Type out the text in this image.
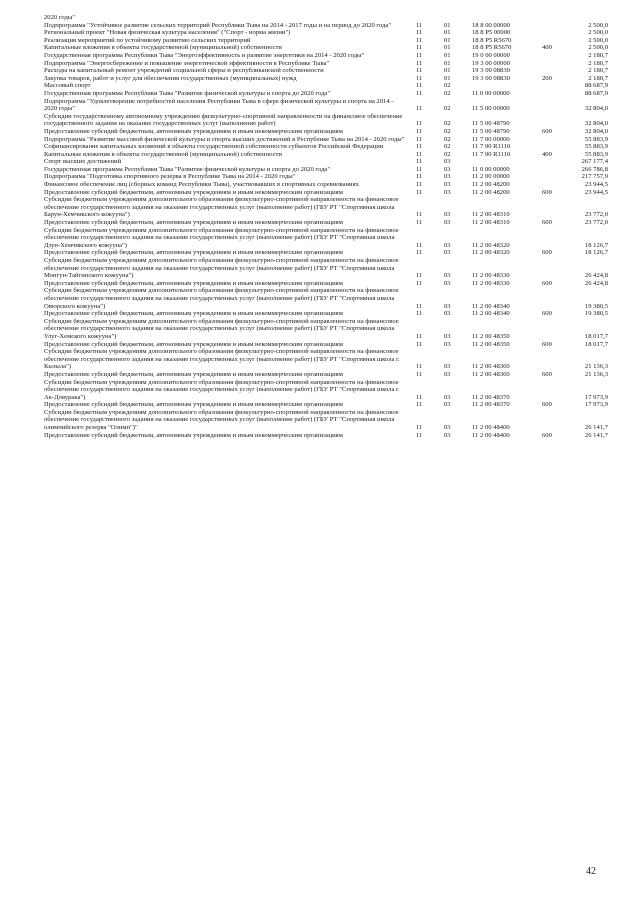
2020 годы"
Подпрограмма "Устойчивое развитие сельских территорий Республики Тыва на 2014 - 2017 годы и на период до 2020 года"	11	01	18 8 00 00000	2 500,0
Региональный проект "Новая физическая культура населения" ("Спорт - норма жизни")	11	01	18 8 P5 00000	2 500,0
Реализация мероприятий по устойчивому развитию сельских территорий	11	01	18 8 P5 R5670	2 500,0
Капитальные вложения в объекты государственной (муниципальной) собственности	11	01	18 8 P5 R5670	400	2 500,0
Государственная программа Республики Тыва "Энергоэффективность и развитие энергетики на 2014 - 2020 годы"	11	01	19 0 00 00000	2 180,7
Подпрограмма "Энергосбережение и повышение энергетической эффективности в Республике Тыва"	11	01	19 3 00 00000	2 180,7
Расходы на капитальный ремонт учреждений социальной сферы и республиканской собственности	11	01	19 3 00 08830	2 180,7
Закупка товаров, работ и услуг для обеспечения государственных (муниципальных) нужд	11	01	19 3 00 08830	200	2 180,7
Массовый спорт	11	02	88 687,9
Государственная программа Республики Тыва "Развитие физической культуры и спорта до 2020 года"	11	02	11 0 00 00000	88 687,9
Подпрограмма "Удовлетворение потребностей населения Республики Тыва в сфере физической культуры и спорта на 2014 - 2020 годы"	11	02	11 5 00 00000	32 804,0
Субсидии государственному автономному учреждению физкультурно-спортивной направленности на финансовое обеспечение государственного задания на оказание государственных услуг (выполнение работ)	11	02	11 5 00 48790	32 804,0
Предоставление субсидий бюджетным, автономным учреждениям и иным некоммерческим организациям	11	02	11 5 00 48790	600	32 804,0
Подпрограмма "Развитие массовой физической культуры и спорта высших достижений в Республике Тыва на 2014 - 2020 годы"	11	02	11 7 00 00000	55 883,9
Софинансирование капитальных вложений в объекты государственной собственности субъектов Российской Федерации	11	02	11 7 00 R1110	55 883,9
Капитальные вложения в объекты государственной (муниципальной) собственности	11	02	11 7 00 R1110	400	55 883,9
Спорт высших достижений	11	03	267 177,4
Государственная программа Республики Тыва "Развитие физической культуры и спорта до 2020 года"	11	03	11 0 00 00000	266 786,8
Подпрограмма "Подготовка спортивного резерва в Республике Тыва на 2014 - 2020 годы"	11	03	11 2 00 00000	217 757,9
Финансовое обеспечение лиц (сборных команд Республики Тыва), участвовавших в спортивных соревнованиях	11	03	11 2 00 48200	23 944,5
Предоставление субсидий бюджетным, автономным учреждениям и иным некоммерческим организациям	11	03	11 2 00 48200	600	23 944,5
Субсидии бюджетным учреждениям дополнительного образования физкультурно-спортивной направленности на финансовое обеспечение государственного задания на оказание государственных услуг (выполнение работ) (ГБУ РТ "Спортивная школа Барун-Хемчикского кожууна")	11	03	11 2 00 48310	23 772,0
Предоставление субсидий бюджетным, автономным учреждениям и иным некоммерческим организациям	11	03	11 2 00 48310	600	23 772,0
Субсидии бюджетным учреждениям дополнительного образования физкультурно-спортивной направленности на финансовое обеспечение государственного задания на оказание государственных услуг (выполнение работ) (ГБУ РТ "Спортивная школа Дзун-Хемчикского кожууна")	11	03	11 2 00 48320	18 126,7
Предоставление субсидий бюджетным, автономным учреждениям и иным некоммерческим организациям	11	03	11 2 00 48320	600	18 126,7
Субсидии бюджетным учреждениям дополнительного образования физкультурно-спортивной направленности на финансовое обеспечение государственного задания на оказание государственных услуг (выполнение работ) (ГБУ РТ "Спортивная школа Монгун-Тайгинского кожууна")	11	03	11 2 00 48330	26 424,8
Предоставление субсидий бюджетным, автономным учреждениям и иным некоммерческим организациям	11	03	11 2 00 48330	600	26 424,8
Субсидии бюджетным учреждениям дополнительного образования физкультурно-спортивной направленности на финансовое обеспечение государственного задания на оказание государственных услуг (выполнение работ) (ГБУ РТ "Спортивная школа Овюрского кожууна")	11	03	11 2 00 48340	19 380,5
Предоставление субсидий бюджетным, автономным учреждениям и иным некоммерческим организациям	11	03	11 2 00 48340	600	19 380,5
Субсидии бюджетным учреждениям дополнительного образования физкультурно-спортивной направленности на финансовое обеспечение государственного задания на оказание государственных услуг (выполнение работ) (ГБУ РТ "Спортивная школа Улуг-Хемского кожууна")	11	03	11 2 00 48350	18 017,7
Предоставление субсидий бюджетным, автономным учреждениям и иным некоммерческим организациям	11	03	11 2 00 48350	600	18 017,7
Субсидии бюджетным учреждениям дополнительного образования физкультурно-спортивной направленности на финансовое обеспечение государственного задания на оказание государственных услуг (выполнение работ) (ГБУ РТ "Спортивная школа г. Кызыла")	11	03	11 2 00 48360	21 136,3
Предоставление субсидий бюджетным, автономным учреждениям и иным некоммерческим организациям	11	03	11 2 00 48360	600	21 136,3
Субсидии бюджетным учреждениям дополнительного образования физкультурно-спортивной направленности на финансовое обеспечение государственного задания на оказание государственных услуг (выполнение работ) (ГБУ РТ "Спортивная школа г. Ак-Довурака")	11	03	11 2 00 48370	17 973,9
Предоставление субсидий бюджетным, автономным учреждениям и иным некоммерческим организациям	11	03	11 2 00 48370	600	17 973,9
Субсидии бюджетным учреждениям дополнительного образования физкультурно-спортивной направленности на финансовое обеспечение государственного задания на оказание государственных услуг (выполнение работ) (ГБУ РТ "Спортивная школа олимпийского резерва "Олимп")"	11	03	11 2 00 48400	26 141,7
Предоставление субсидий бюджетным, автономным учреждениям и иным некоммерческим организациям	11	03	11 2 00 48400	600	26 141,7
42
